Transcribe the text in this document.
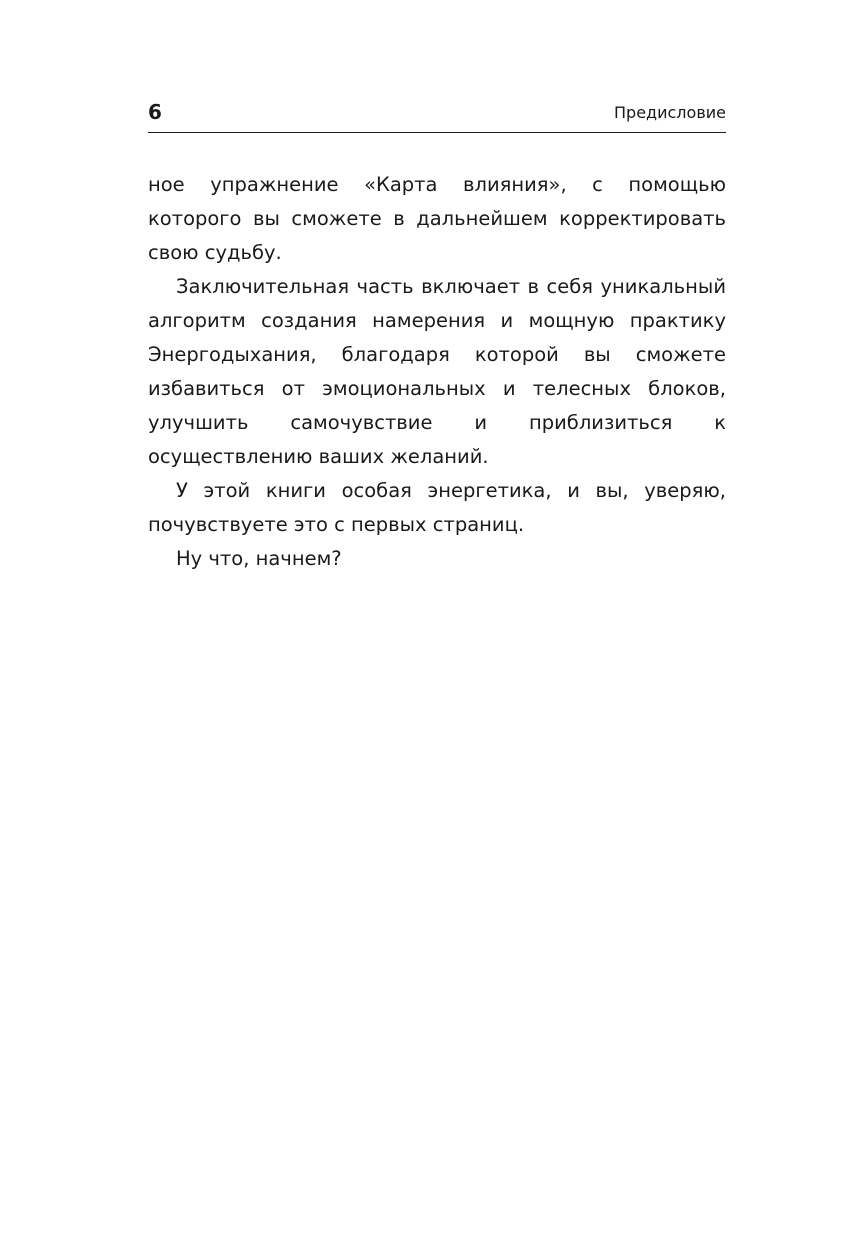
6	Предисловие

ное упражнение «Карта влияния», с помощью которого вы сможете в дальнейшем корректировать свою судьбу.

Заключительная часть включает в себя уникальный алгоритм создания намерения и мощную практику Энергодыхания, благодаря которой вы сможете избавиться от эмоциональных и телесных блоков, улучшить самочувствие и приблизиться к осуществлению ваших желаний.

У этой книги особая энергетика, и вы, уверяю, почувствуете это с первых страниц.

Ну что, начнем?
